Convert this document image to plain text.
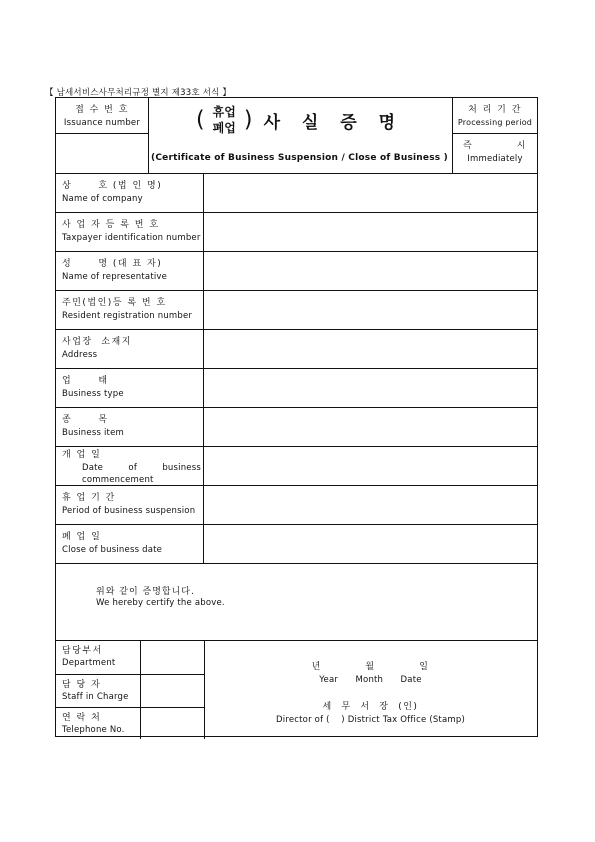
【 남세서비스사무처리규정 별지 제33호 서식 】
접 수 번 호
Issuance number	( 휴업
폐업 ) 사 실 증 명
(Certificate of Business Suspension / Close of Business )
처 리 기 간
Processing period
즉          시
Immediately
상      호 (법 인 명)
Name of company
사 업 자 등 록 번 호
Taxpayer identification number
성      명 (대 표 자)
Name of representative
주민(법인)등 록 번 호
Resident registration number
사업장  소재지
Address
업      태
Business type
종      목
Business item
개 업 일
Date of business commencement
휴 업 기 간
Period of business suspension
폐 업 일
Close of business date
위와 같이 증명합니다.
We hereby certify the above.
담당부서
Department
담 당 자
Staff in Charge
연 락 처
Telephone No.
년          월          일
Year      Month      Date
세  무  서  장  (인)
Director of (    ) District Tax Office (Stamp)
